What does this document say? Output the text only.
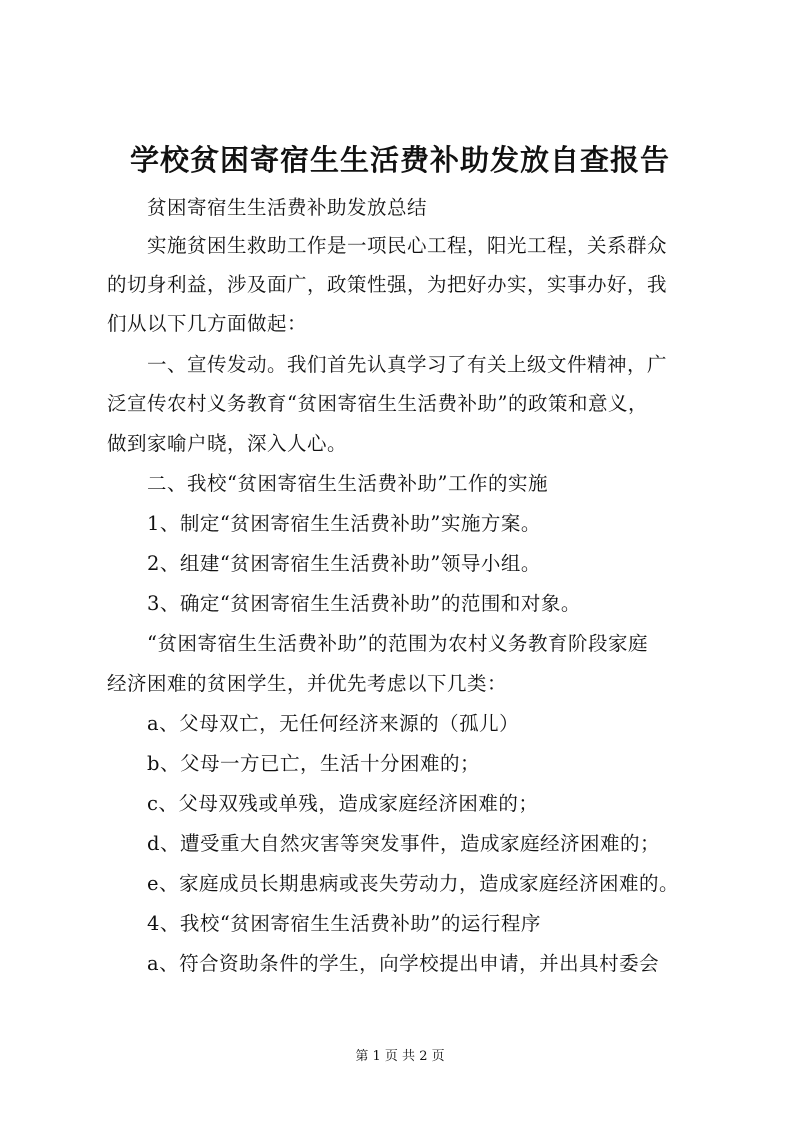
学校贫困寄宿生生活费补助发放自查报告
贫困寄宿生生活费补助发放总结
实施贫困生救助工作是一项民心工程，阳光工程，关系群众
的切身利益，涉及面广，政策性强，为把好办实，实事办好，我
们从以下几方面做起：
一、宣传发动。我们首先认真学习了有关上级文件精神，广
泛宣传农村义务教育“贫困寄宿生生活费补助”的政策和意义，
做到家喻户晓，深入人心。
二、我校“贫困寄宿生生活费补助”工作的实施
1、制定“贫困寄宿生生活费补助”实施方案。
2、组建“贫困寄宿生生活费补助”领导小组。
3、确定“贫困寄宿生生活费补助”的范围和对象。
“贫困寄宿生生活费补助”的范围为农村义务教育阶段家庭
经济困难的贫困学生，并优先考虑以下几类：
a、父母双亡，无任何经济来源的（孤儿）
b、父母一方已亡，生活十分困难的；
c、父母双残或单残，造成家庭经济困难的；
d、遭受重大自然灾害等突发事件，造成家庭经济困难的；
e、家庭成员长期患病或丧失劳动力，造成家庭经济困难的。
4、我校“贫困寄宿生生活费补助”的运行程序
a、符合资助条件的学生，向学校提出申请，并出具村委会
第 1 页 共 2 页
